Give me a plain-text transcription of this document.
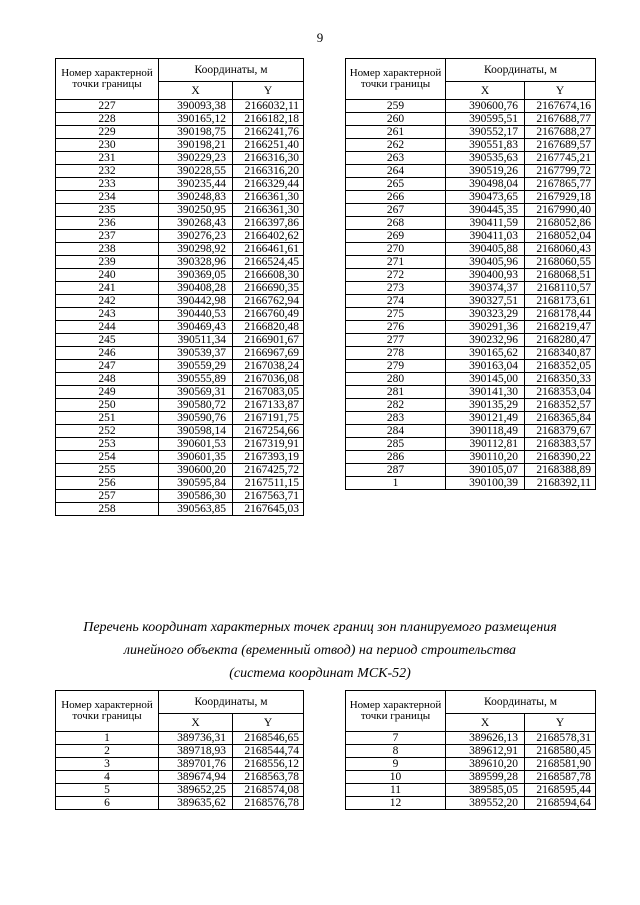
9
Номер характерной точки границы	Координаты, м	
	X	Y
227	390093,38	2166032,11
228	390165,12	2166182,18
229	390198,75	2166241,76
230	390198,21	2166251,40
231	390229,23	2166316,30
232	390228,55	2166316,20
233	390235,44	2166329,44
234	390248,83	2166361,30
235	390250,95	2166361,30
236	390268,43	2166397,86
237	390276,23	2166402,62
238	390298,92	2166461,61
239	390328,96	2166524,45
240	390369,05	2166608,30
241	390408,28	2166690,35
242	390442,98	2166762,94
243	390440,53	2166760,49
244	390469,43	2166820,48
245	390511,34	2166901,67
246	390539,37	2166967,69
247	390559,29	2167038,24
248	390555,89	2167036,08
249	390569,31	2167083,05
250	390580,72	2167133,87
251	390590,76	2167191,75
252	390598,14	2167254,66
253	390601,53	2167319,91
254	390601,35	2167393,19
255	390600,20	2167425,72
256	390595,84	2167511,15
257	390586,30	2167563,71
258	390563,85	2167645,03
Номер характерной точки границы	Координаты, м	
	X	Y
259	390600,76	2167674,16
260	390595,51	2167688,77
261	390552,17	2167688,27
262	390551,83	2167689,57
263	390535,63	2167745,21
264	390519,26	2167799,72
265	390498,04	2167865,77
266	390473,65	2167929,18
267	390445,35	2167990,40
268	390411,59	2168052,86
269	390411,03	2168052,04
270	390405,88	2168060,43
271	390405,96	2168060,55
272	390400,93	2168068,51
273	390374,37	2168110,57
274	390327,51	2168173,61
275	390323,29	2168178,44
276	390291,36	2168219,47
277	390232,96	2168280,47
278	390165,62	2168340,87
279	390163,04	2168352,05
280	390145,00	2168350,33
281	390141,30	2168353,04
282	390135,29	2168352,57
283	390121,49	2168365,84
284	390118,49	2168379,67
285	390112,81	2168383,57
286	390110,20	2168390,22
287	390105,07	2168388,89
1	390100,39	2168392,11
Перечень координат характерных точек границ зон планируемого размещения
линейного объекта (временный отвод) на период строительства
(система координат МСК-52)
Номер характерной точки границы	Координаты, м	
	X	Y
1	389736,31	2168546,65
2	389718,93	2168544,74
3	389701,76	2168556,12
4	389674,94	2168563,78
5	389652,25	2168574,08
6	389635,62	2168576,78
Номер характерной точки границы	Координаты, м	
	X	Y
7	389626,13	2168578,31
8	389612,91	2168580,45
9	389610,20	2168581,90
10	389599,28	2168587,78
11	389585,05	2168595,44
12	389552,20	2168594,64
